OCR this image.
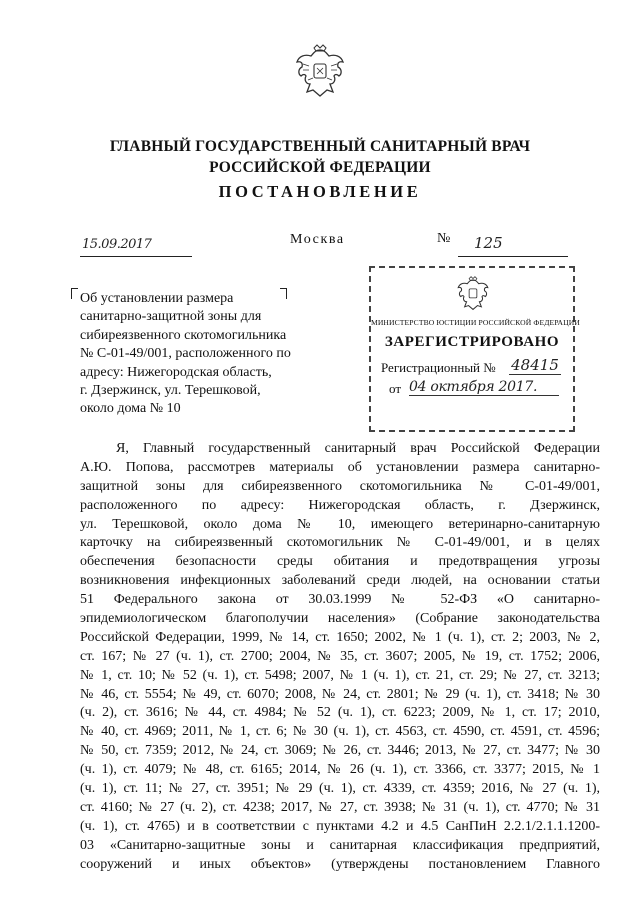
ГЛАВНЫЙ ГОСУДАРСТВЕННЫЙ САНИТАРНЫЙ ВРАЧ
РОССИЙСКОЙ ФЕДЕРАЦИИ
ПОСТАНОВЛЕНИЕ
15.09.2017	Москва	№ 125
Об установлении размера
санитарно-защитной зоны для
сибиреязвенного скотомогильника
№ С-01-49/001, расположенного по
адресу: Нижегородская область,
г. Дзержинск, ул. Терешковой,
около дома № 10
МИНИСТЕРСТВО ЮСТИЦИИ РОССИЙСКОЙ ФЕДЕРАЦИИ
ЗАРЕГИСТРИРОВАНО
Регистрационный № 48415
от 04 октября 2017.
Я, Главный государственный санитарный врач Российской Федерации
А.Ю. Попова, рассмотрев материалы об установлении размера санитарно-
защитной зоны для сибиреязвенного скотомогильника № С-01-49/001,
расположенного по адресу: Нижегородская область, г. Дзержинск,
ул. Терешковой, около дома № 10, имеющего ветеринарно-санитарную
карточку на сибиреязвенный скотомогильник № С-01-49/001, и в целях
обеспечения безопасности среды обитания и предотвращения угрозы
возникновения инфекционных заболеваний среди людей, на основании статьи
51 Федерального закона от 30.03.1999 № 52-ФЗ «О санитарно-
эпидемиологическом благополучии населения» (Собрание законодательства
Российской Федерации, 1999, № 14, ст. 1650; 2002, № 1 (ч. 1), ст. 2; 2003, № 2,
ст. 167; № 27 (ч. 1), ст. 2700; 2004, № 35, ст. 3607; 2005, № 19, ст. 1752; 2006,
№ 1, ст. 10; № 52 (ч. 1), ст. 5498; 2007, № 1 (ч. 1), ст. 21, ст. 29; № 27, ст. 3213;
№ 46, ст. 5554; № 49, ст. 6070; 2008, № 24, ст. 2801; № 29 (ч. 1), ст. 3418; № 30
(ч. 2), ст. 3616; № 44, ст. 4984; № 52 (ч. 1), ст. 6223; 2009, № 1, ст. 17; 2010,
№ 40, ст. 4969; 2011, № 1, ст. 6; № 30 (ч. 1), ст. 4563, ст. 4590, ст. 4591, ст. 4596;
№ 50, ст. 7359; 2012, № 24, ст. 3069; № 26, ст. 3446; 2013, № 27, ст. 3477; № 30
(ч. 1), ст. 4079; № 48, ст. 6165; 2014, № 26 (ч. 1), ст. 3366, ст. 3377; 2015, № 1
(ч. 1), ст. 11; № 27, ст. 3951; № 29 (ч. 1), ст. 4339, ст. 4359; 2016, № 27 (ч. 1),
ст. 4160; № 27 (ч. 2), ст. 4238; 2017, № 27, ст. 3938; № 31 (ч. 1), ст. 4770; № 31
(ч. 1), ст. 4765) и в соответствии с пунктами 4.2 и 4.5 СанПиН 2.2.1/2.1.1.1200-
03 «Санитарно-защитные зоны и санитарная классификация предприятий,
сооружений и иных объектов» (утверждены постановлением Главного
